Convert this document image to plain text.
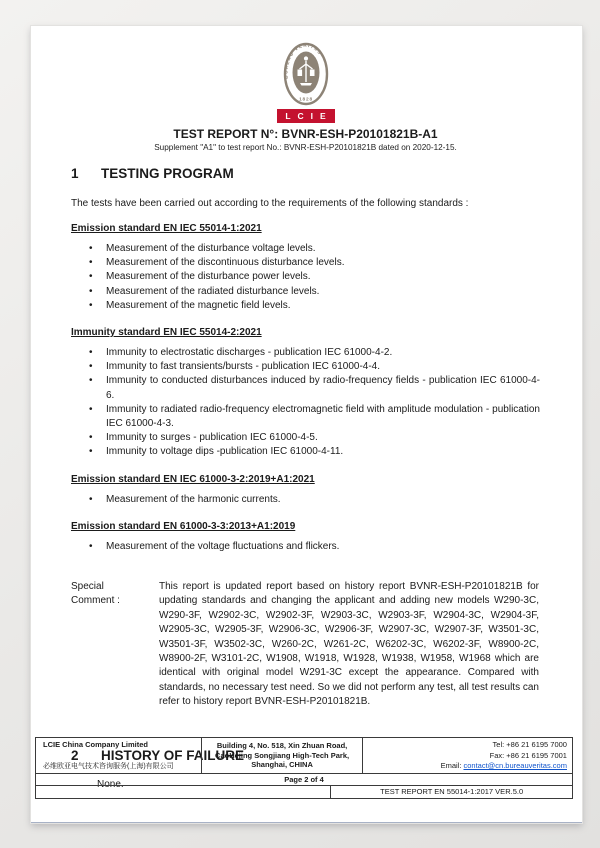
BUREAU VERITAS
1828
LCIE
TEST REPORT N°: BVNR-ESH-P20101821B-A1
Supplement "A1" to test report No.: BVNR-ESH-P20101821B dated on 2020-12-15.
1	TESTING PROGRAM

The tests have been carried out according to the requirements of the following standards :

Emission standard EN IEC 55014-1:2021
•	Measurement of the disturbance voltage levels.
•	Measurement of the discontinuous disturbance levels.
•	Measurement of the disturbance power levels.
•	Measurement of the radiated disturbance levels.
•	Measurement of the magnetic field levels.
Immunity standard EN IEC 55014-2:2021
•	Immunity to electrostatic discharges - publication IEC 61000-4-2.
•	Immunity to fast transients/bursts - publication IEC 61000-4-4.
•	Immunity to conducted disturbances induced by radio-frequency fields - publication IEC 61000-4-6.
•	Immunity to radiated radio-frequency electromagnetic field with amplitude modulation - publication IEC 61000-4-3.
•	Immunity to surges - publication IEC 61000-4-5.
•	Immunity to voltage dips -publication IEC 61000-4-11.
Emission standard EN IEC 61000-3-2:2019+A1:2021
•	Measurement of the harmonic currents.
Emission standard EN 61000-3-3:2013+A1:2019
•	Measurement of the voltage fluctuations and flickers.
Special
Comment :
This report is updated report based on history report BVNR-ESH-P20101821B for updating standards and changing the applicant and adding new models W290-3C, W290-3F, W2902-3C, W2902-3F, W2903-3C, W2903-3F, W2904-3C, W2904-3F, W2905-3C, W2905-3F, W2906-3C, W2906-3F, W2907-3C, W2907-3F, W3501-3C, W3501-3F, W3502-3C, W260-2C, W261-2C, W6202-3C, W6202-3F, W8900-2C, W8900-2F, W3101-2C, W1908, W1918, W1928, W1938, W1958, W1968 which are identical with original model W291-3C except the appearance. Compared with standards, no necessary test need. So we did not perform any test, all test results can refer to history report BVNR-ESH-P20101821B.
2	HISTORY OF FAILURE
None.
LCIE China Company Limited
必维欧亚电气技术咨询服务(上海)有限公司
Building 4, No. 518, Xin Zhuan Road,
CaoHejing Songjiang High-Tech Park,
Shanghai, CHINA
Tel: +86 21 6195 7000
Fax: +86 21 6195 7001
Email: contact@cn.bureauveritas.com
Page 2 of 4
TEST REPORT EN 55014-1:2017 VER.5.0
